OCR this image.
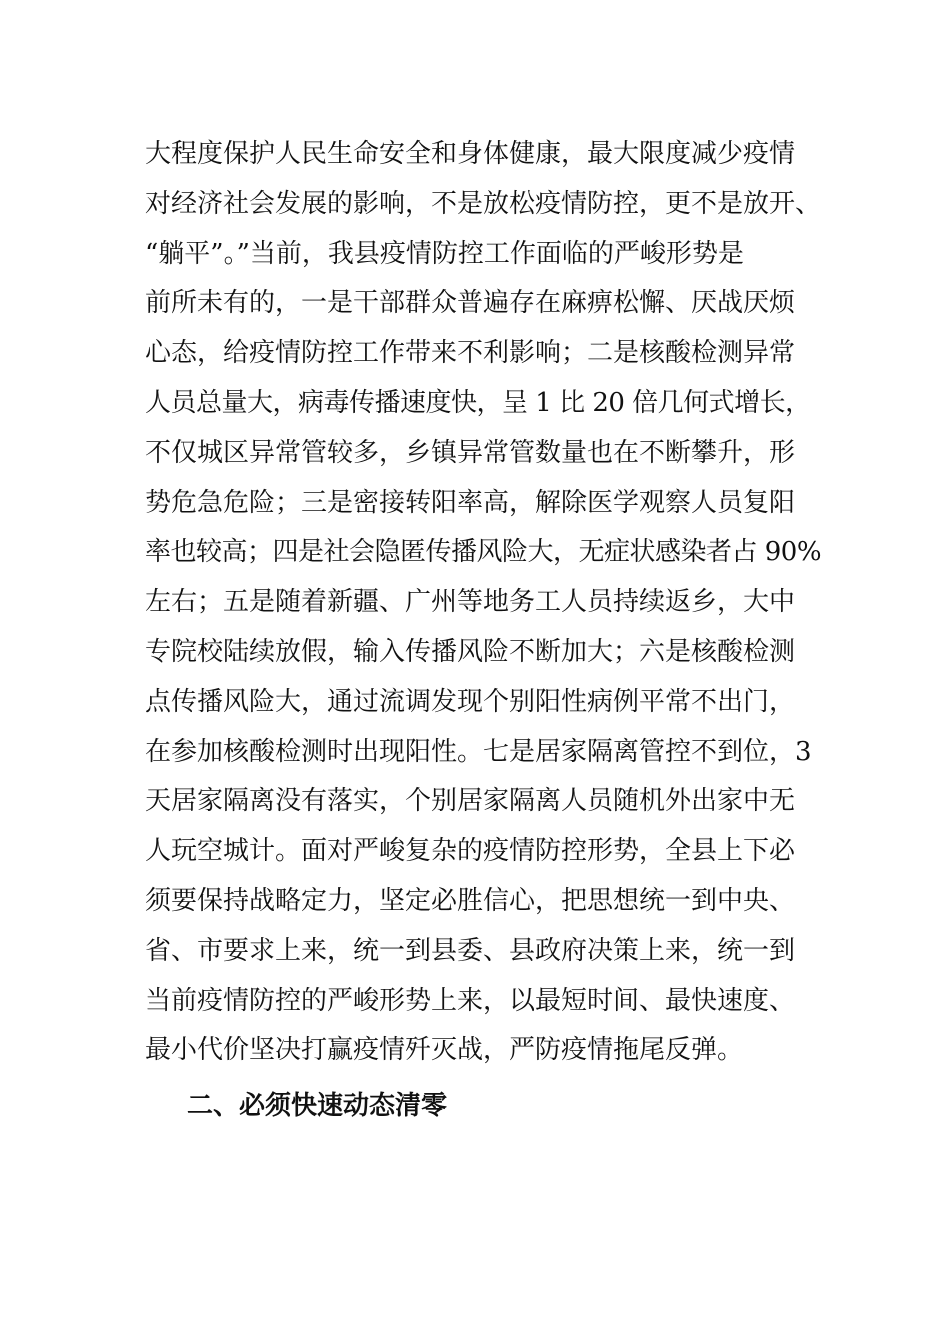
大程度保护人民生命安全和身体健康，最大限度减少疫情
对经济社会发展的影响，不是放松疫情防控，更不是放开、
“躺平”。”当前，我县疫情防控工作面临的严峻形势是
前所未有的，一是干部群众普遍存在麻痹松懈、厌战厌烦
心态，给疫情防控工作带来不利影响；二是核酸检测异常
人员总量大，病毒传播速度快，呈 1 比 20 倍几何式增长，
不仅城区异常管较多，乡镇异常管数量也在不断攀升，形
势危急危险；三是密接转阳率高，解除医学观察人员复阳
率也较高；四是社会隐匿传播风险大，无症状感染者占 90%
左右；五是随着新疆、广州等地务工人员持续返乡，大中
专院校陆续放假，输入传播风险不断加大；六是核酸检测
点传播风险大，通过流调发现个别阳性病例平常不出门，
在参加核酸检测时出现阳性。七是居家隔离管控不到位，3
天居家隔离没有落实，个别居家隔离人员随机外出家中无
人玩空城计。面对严峻复杂的疫情防控形势，全县上下必
须要保持战略定力，坚定必胜信心，把思想统一到中央、
省、市要求上来，统一到县委、县政府决策上来，统一到
当前疫情防控的严峻形势上来，以最短时间、最快速度、
最小代价坚决打赢疫情歼灭战，严防疫情拖尾反弹。
二、必须快速动态清零
